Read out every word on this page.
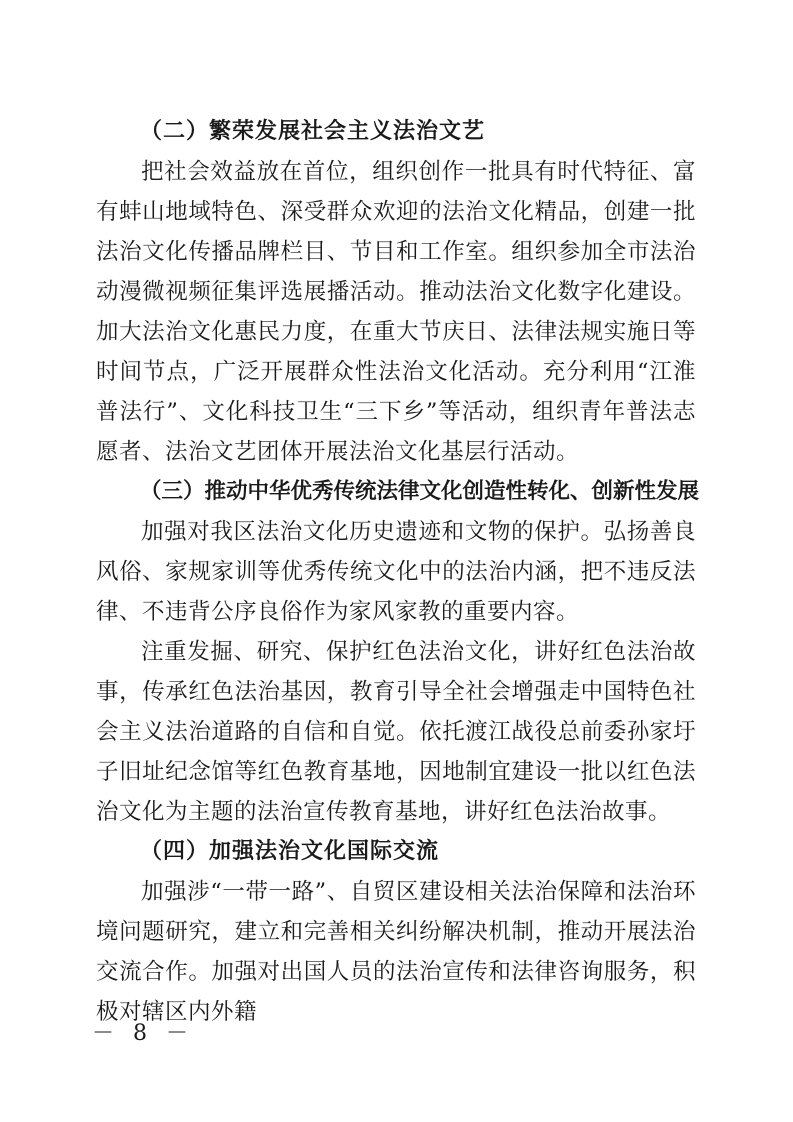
（二）繁荣发展社会主义法治文艺

把社会效益放在首位，组织创作一批具有时代特征、富有蚌山地域特色、深受群众欢迎的法治文化精品，创建一批法治文化传播品牌栏目、节目和工作室。组织参加全市法治动漫微视频征集评选展播活动。推动法治文化数字化建设。加大法治文化惠民力度，在重大节庆日、法律法规实施日等时间节点，广泛开展群众性法治文化活动。充分利用“江淮普法行”、文化科技卫生“三下乡”等活动，组织青年普法志愿者、法治文艺团体开展法治文化基层行活动。

（三）推动中华优秀传统法律文化创造性转化、创新性发展

加强对我区法治文化历史遗迹和文物的保护。弘扬善良风俗、家规家训等优秀传统文化中的法治内涵，把不违反法律、不违背公序良俗作为家风家教的重要内容。

注重发掘、研究、保护红色法治文化，讲好红色法治故事，传承红色法治基因，教育引导全社会增强走中国特色社会主义法治道路的自信和自觉。依托渡江战役总前委孙家圩子旧址纪念馆等红色教育基地，因地制宜建设一批以红色法治文化为主题的法治宣传教育基地，讲好红色法治故事。

（四）加强法治文化国际交流

加强涉“一带一路”、自贸区建设相关法治保障和法治环境问题研究，建立和完善相关纠纷解决机制，推动开展法治交流合作。加强对出国人员的法治宣传和法律咨询服务，积极对辖区内外籍

－ 8 －
